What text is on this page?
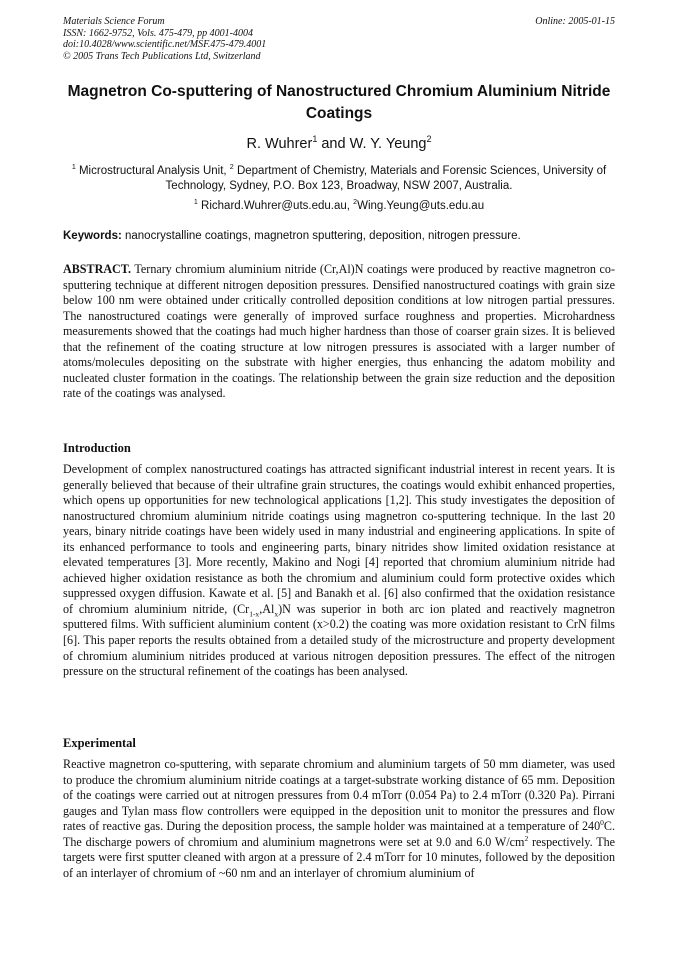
Materials Science Forum
ISSN: 1662-9752, Vols. 475-479, pp 4001-4004
doi:10.4028/www.scientific.net/MSF.475-479.4001
© 2005 Trans Tech Publications Ltd, Switzerland
Online: 2005-01-15
Magnetron Co-sputtering of Nanostructured Chromium Aluminium Nitride Coatings
R. Wuhrer$^1$ and W. Y. Yeung$^2$
$^1$ Microstructural Analysis Unit, $^2$ Department of Chemistry, Materials and Forensic Sciences, University of Technology, Sydney, P.O. Box 123, Broadway, NSW 2007, Australia.
$^1$ Richard.Wuhrer@uts.edu.au, $^2$Wing.Yeung@uts.edu.au
Keywords: nanocrystalline coatings, magnetron sputtering, deposition, nitrogen pressure.
ABSTRACT. Ternary chromium aluminium nitride (Cr,Al)N coatings were produced by reactive magnetron co-sputtering technique at different nitrogen deposition pressures. Densified nanostructured coatings with grain size below 100 nm were obtained under critically controlled deposition conditions at low nitrogen partial pressures. The nanostructured coatings were generally of improved surface roughness and properties. Microhardness measurements showed that the coatings had much higher hardness than those of coarser grain sizes. It is believed that the refinement of the coating structure at low nitrogen pressures is associated with a larger number of atoms/molecules depositing on the substrate with higher energies, thus enhancing the adatom mobility and nucleated cluster formation in the coatings. The relationship between the grain size reduction and the deposition rate of the coatings was analysed.
Introduction
Development of complex nanostructured coatings has attracted significant industrial interest in recent years. It is generally believed that because of their ultrafine grain structures, the coatings would exhibit enhanced properties, which opens up opportunities for new technological applications [1,2]. This study investigates the deposition of nanostructured chromium aluminium nitride coatings using magnetron co-sputtering technique. In the last 20 years, binary nitride coatings have been widely used in many industrial and engineering applications. In spite of its enhanced performance to tools and engineering parts, binary nitrides show limited oxidation resistance at elevated temperatures [3]. More recently, Makino and Nogi [4] reported that chromium aluminium nitride had achieved higher oxidation resistance as both the chromium and aluminium could form protective oxides which suppressed oxygen diffusion. Kawate et al. [5] and Banakh et al. [6] also confirmed that the oxidation resistance of chromium aluminium nitride, $(Cr_{1-x},Al_x)N$ was superior in both arc ion plated and reactively magnetron sputtered films. With sufficient aluminium content (x>0.2) the coating was more oxidation resistant to CrN films [6]. This paper reports the results obtained from a detailed study of the microstructure and property development of chromium aluminium nitrides produced at various nitrogen deposition pressures. The effect of the nitrogen pressure on the structural refinement of the coatings has been analysed.
Experimental
Reactive magnetron co-sputtering, with separate chromium and aluminium targets of 50 mm diameter, was used to produce the chromium aluminium nitride coatings at a target-substrate working distance of 65 mm. Deposition of the coatings were carried out at nitrogen pressures from 0.4 mTorr (0.054 Pa) to 2.4 mTorr (0.320 Pa). Pirrani gauges and Tylan mass flow controllers were equipped in the deposition unit to monitor the pressures and flow rates of reactive gas. During the deposition process, the sample holder was maintained at a temperature of $240^0C$. The discharge powers of chromium and aluminium magnetrons were set at 9.0 and 6.0 $W/cm^2$ respectively. The targets were first sputter cleaned with argon at a pressure of 2.4 mTorr for 10 minutes, followed by the deposition of an interlayer of chromium of ~60 nm and an interlayer of chromium aluminium of
